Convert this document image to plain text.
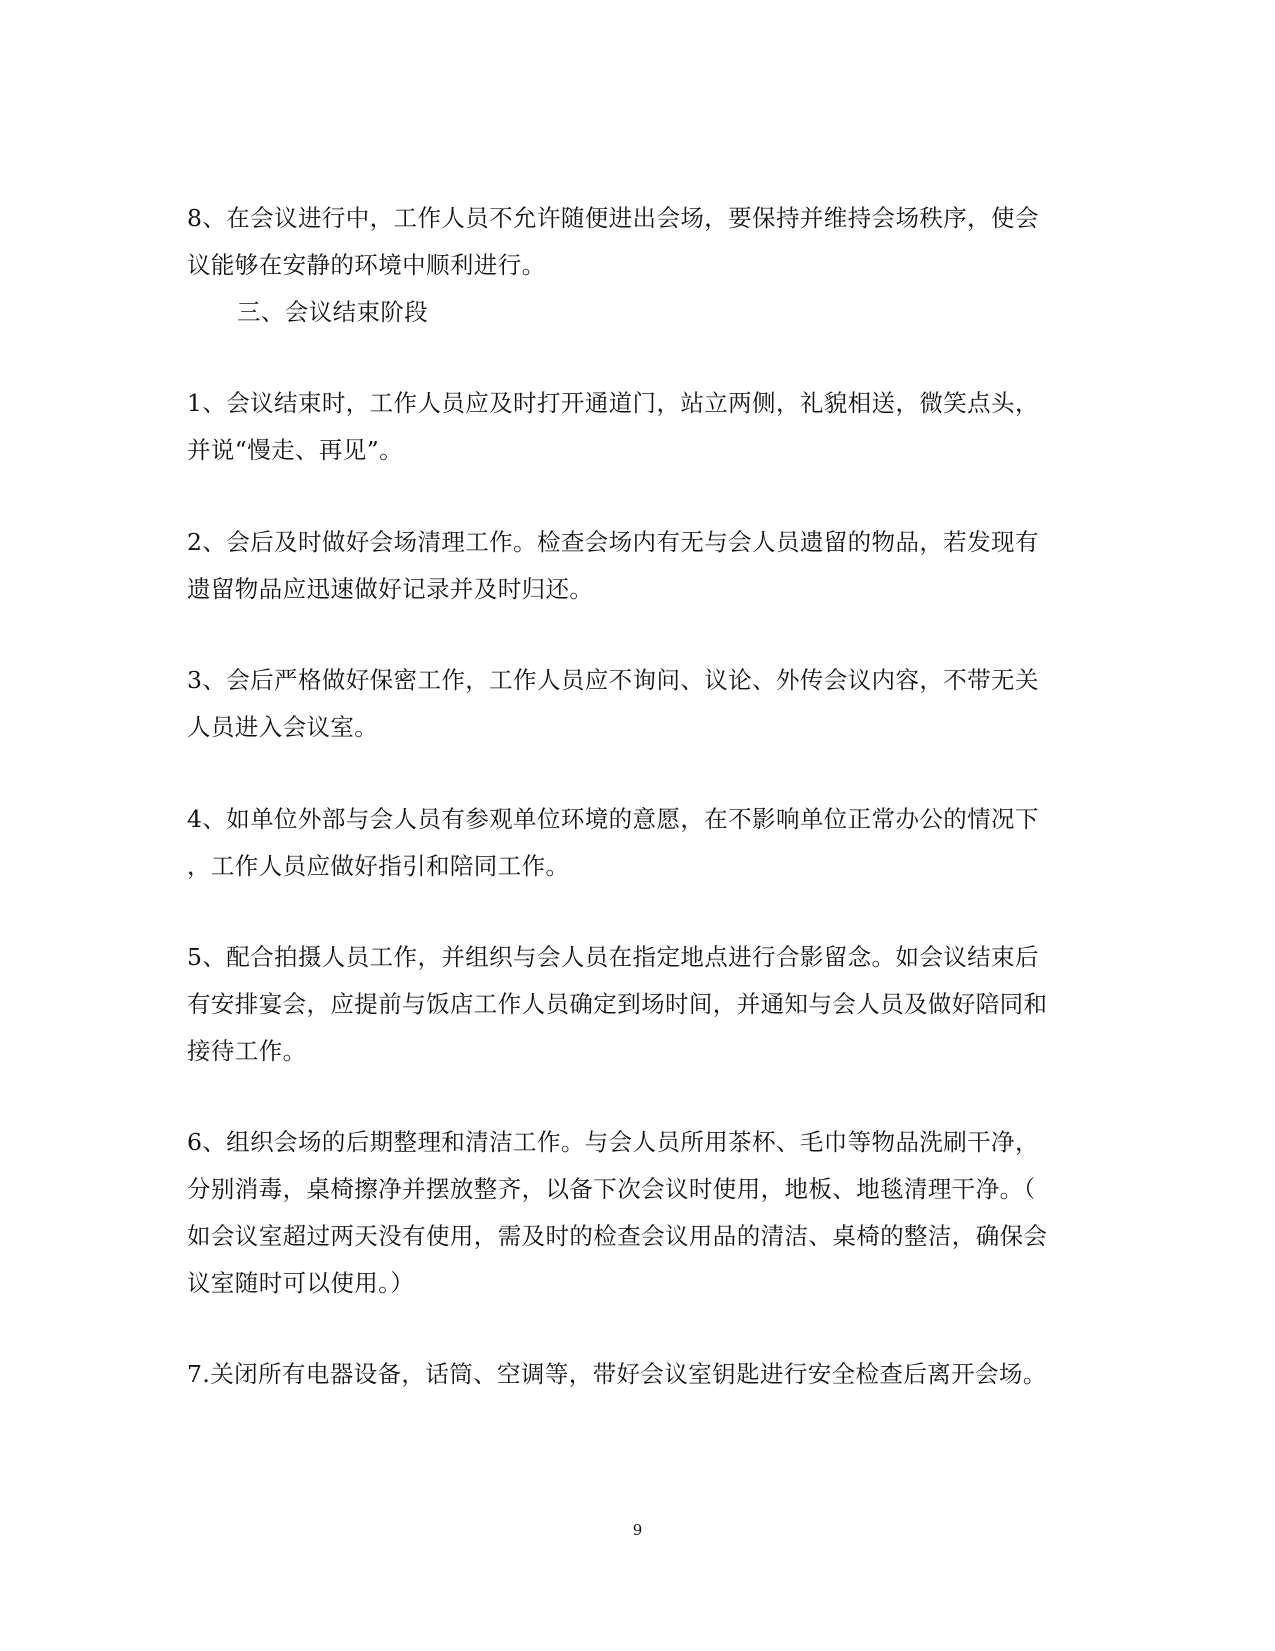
8、在会议进行中，工作人员不允许随便进出会场，要保持并维持会场秩序，使会
议能够在安静的环境中顺利进行。
三、会议结束阶段
1、会议结束时，工作人员应及时打开通道门，站立两侧，礼貌相送，微笑点头，
并说“慢走、再见”。
2、会后及时做好会场清理工作。检查会场内有无与会人员遗留的物品，若发现有
遗留物品应迅速做好记录并及时归还。
3、会后严格做好保密工作，工作人员应不询问、议论、外传会议内容，不带无关
人员进入会议室。
4、如单位外部与会人员有参观单位环境的意愿，在不影响单位正常办公的情况下
，工作人员应做好指引和陪同工作。
5、配合拍摄人员工作，并组织与会人员在指定地点进行合影留念。如会议结束后
有安排宴会，应提前与饭店工作人员确定到场时间，并通知与会人员及做好陪同和
接待工作。
6、组织会场的后期整理和清洁工作。与会人员所用茶杯、毛巾等物品洗刷干净，
分别消毒，桌椅擦净并摆放整齐，以备下次会议时使用，地板、地毯清理干净。（
如会议室超过两天没有使用，需及时的检查会议用品的清洁、桌椅的整洁，确保会
议室随时可以使用。）
7.关闭所有电器设备，话筒、空调等，带好会议室钥匙进行安全检查后离开会场。
9
